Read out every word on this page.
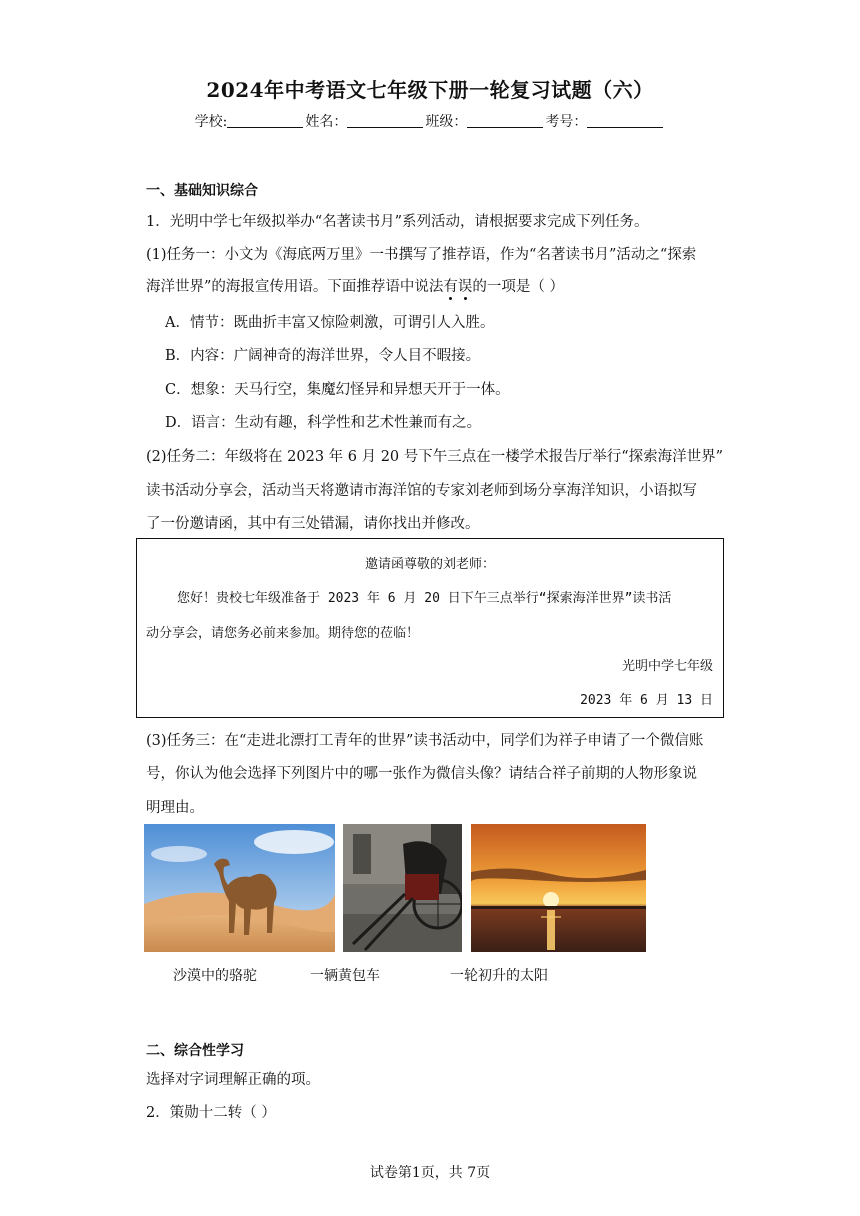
2024年中考语文七年级下册一轮复习试题（六）
学校:	姓名：	班级：	考号：
一、基础知识综合
1．光明中学七年级拟举办“名著读书月”系列活动，请根据要求完成下列任务。
(1)任务一：小文为《海底两万里》一书撰写了推荐语，作为“名著读书月”活动之“探索
海洋世界”的海报宣传用语。下面推荐语中说法有误的一项是（ ）
A．情节：既曲折丰富又惊险刺激，可谓引人入胜。
B．内容：广阔神奇的海洋世界，令人目不暇接。
C．想象：天马行空，集魔幻怪异和异想天开于一体。
D．语言：生动有趣，科学性和艺术性兼而有之。
(2)任务二：年级将在 2023 年 6 月 20 号下午三点在一楼学术报告厅举行“探索海洋世界”
读书活动分享会，活动当天将邀请市海洋馆的专家刘老师到场分享海洋知识，小语拟写
了一份邀请函，其中有三处错漏，请你找出并修改。
邀请函尊敬的刘老师：
您好！贵校七年级准备于 2023 年 6 月 20 日下午三点举行“探索海洋世界”读书活
动分享会，请您务必前来参加。期待您的莅临！
光明中学七年级
2023 年 6 月 13 日
(3)任务三：在“走进北漂打工青年的世界”读书活动中，同学们为祥子申请了一个微信账
号，你认为他会选择下列图片中的哪一张作为微信头像？请结合祥子前期的人物形象说
明理由。
沙漠中的骆驼	一辆黄包车	一轮初升的太阳
二、综合性学习
选择对字词理解正确的项。
2．策勋十二转（ ）
试卷第1页，共 7页
